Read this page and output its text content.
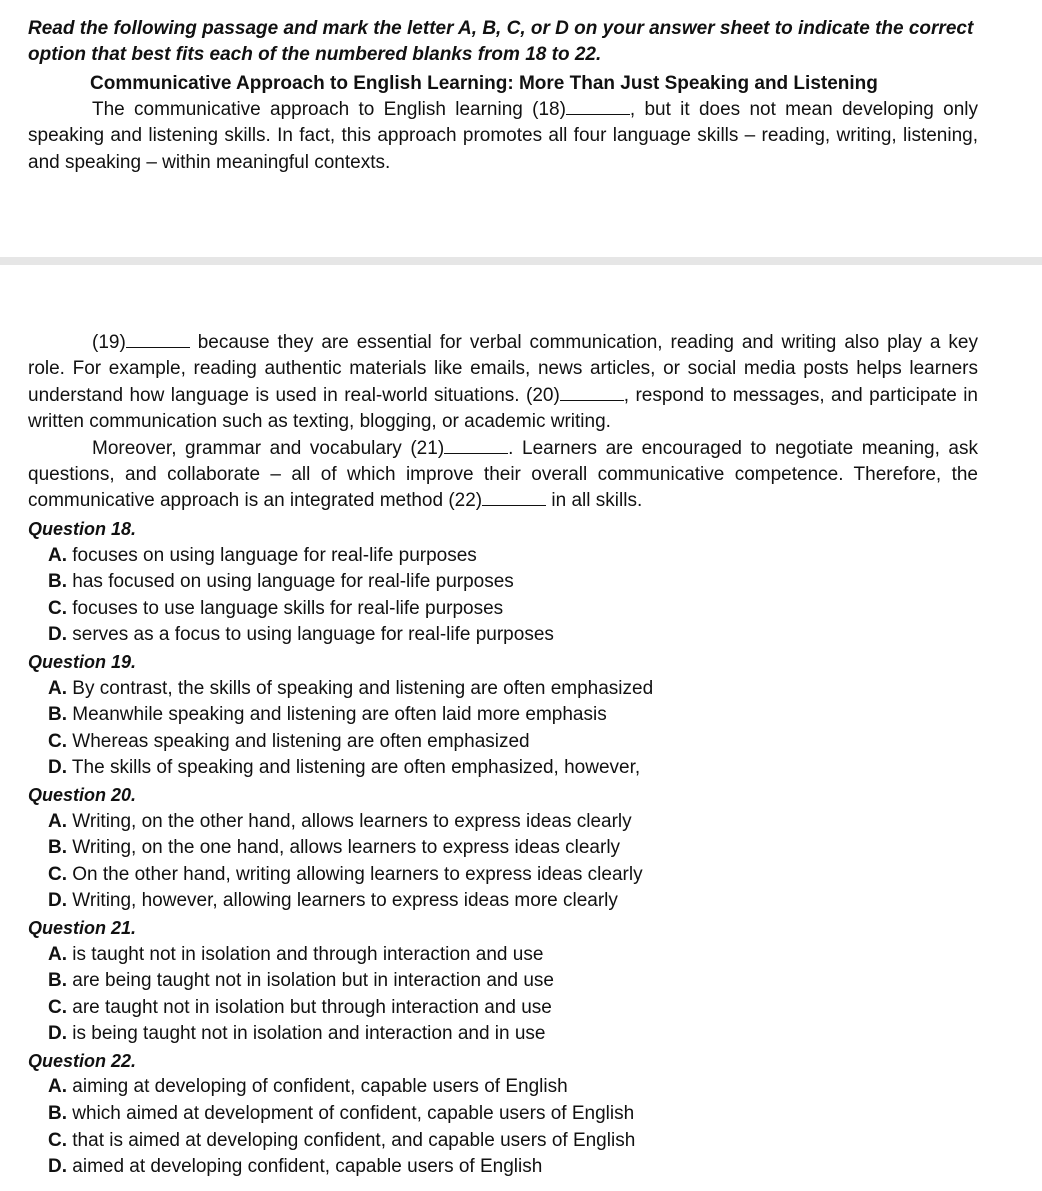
Read the following passage and mark the letter A, B, C, or D on your answer sheet to indicate the correct option that best fits each of the numbered blanks from 18 to 22.
Communicative Approach to English Learning: More Than Just Speaking and Listening

The communicative approach to English learning (18)	, but it does not mean developing only speaking and listening skills. In fact, this approach promotes all four language skills – reading, writing, listening, and speaking – within meaningful contexts.

(19)	because they are essential for verbal communication, reading and writing also play a key role. For example, reading authentic materials like emails, news articles, or social media posts helps learners understand how language is used in real-world situations. (20)	, respond to messages, and participate in written communication such as texting, blogging, or academic writing.

Moreover, grammar and vocabulary (21)	. Learners are encouraged to negotiate meaning, ask questions, and collaborate – all of which improve their overall communicative competence. Therefore, the communicative approach is an integrated method (22)	in all skills.

Question 18.
A. focuses on using language for real-life purposes
B. has focused on using language for real-life purposes
C. focuses to use language skills for real-life purposes
D. serves as a focus to using language for real-life purposes
Question 19.
A. By contrast, the skills of speaking and listening are often emphasized
B. Meanwhile speaking and listening are often laid more emphasis
C. Whereas speaking and listening are often emphasized
D. The skills of speaking and listening are often emphasized, however,
Question 20.
A. Writing, on the other hand, allows learners to express ideas clearly
B. Writing, on the one hand, allows learners to express ideas clearly
C. On the other hand, writing allowing learners to express ideas clearly
D. Writing, however, allowing learners to express ideas more clearly
Question 21.
A. is taught not in isolation and through interaction and use
B. are being taught not in isolation but in interaction and use
C. are taught not in isolation but through interaction and use
D. is being taught not in isolation and interaction and in use
Question 22.
A. aiming at developing of confident, capable users of English
B. which aimed at development of confident, capable users of English
C. that is aimed at developing confident, and capable users of English
D. aimed at developing confident, capable users of English
